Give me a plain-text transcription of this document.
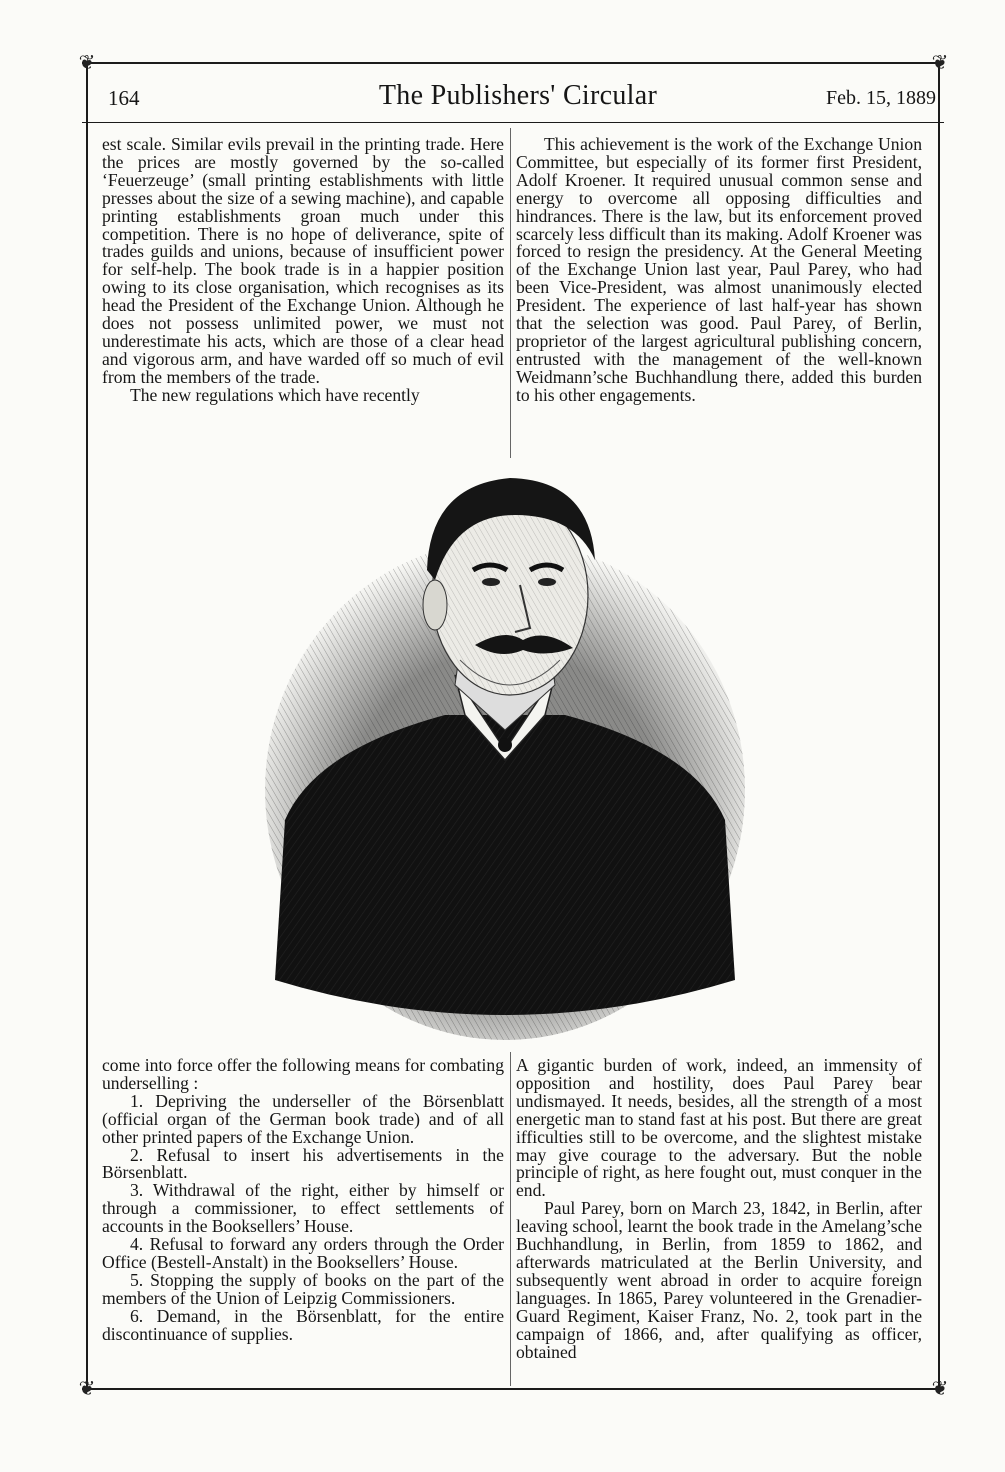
❦	❦
❦	❦
164	The Publishers' Circular	Feb. 15, 1889

est scale. Similar evils prevail in the printing trade. Here the prices are mostly governed by the so-called ‘Feuerzeuge’ (small printing establishments with little presses about the size of a sewing machine), and capable printing establishments groan much under this competition. There is no hope of deliverance, spite of trades guilds and unions, because of insufficient power for self-help. The book trade is in a happier position owing to its close organisation, which recognises as its head the President of the Exchange Union. Although he does not possess unlimited power, we must not underestimate his acts, which are those of a clear head and vigorous arm, and have warded off so much of evil from the members of the trade.

The new regulations which have recently

This achievement is the work of the Exchange Union Committee, but especially of its former first President, Adolf Kroener. It required unusual common sense and energy to overcome all opposing difficulties and hindrances. There is the law, but its enforcement proved scarcely less difficult than its making. Adolf Kroener was forced to resign the presidency. At the General Meeting of the Exchange Union last year, Paul Parey, who had been Vice-President, was almost unanimously elected President. The experience of last half-year has shown that the selection was good. Paul Parey, of Berlin, proprietor of the largest agricultural publishing concern, entrusted with the management of the well-known Weidmann’sche Buchhandlung there, added this burden to his other engagements.

come into force offer the following means for combating underselling :

1. Depriving the underseller of the Börsenblatt (official organ of the German book trade) and of all other printed papers of the Exchange Union.

2. Refusal to insert his advertisements in the Börsenblatt.

3. Withdrawal of the right, either by himself or through a commissioner, to effect settlements of accounts in the Booksellers’ House.

4. Refusal to forward any orders through the Order Office (Bestell-Anstalt) in the Booksellers’ House.

5. Stopping the supply of books on the part of the members of the Union of Leipzig Commissioners.

6. Demand, in the Börsenblatt, for the entire discontinuance of supplies.

A gigantic burden of work, indeed, an immensity of opposition and hostility, does Paul Parey bear undismayed. It needs, besides, all the strength of a most energetic man to stand fast at his post. But there are great ifficulties still to be overcome, and the slightest mistake may give courage to the adversary. But the noble principle of right, as here fought out, must conquer in the end.

Paul Parey, born on March 23, 1842, in Berlin, after leaving school, learnt the book trade in the Amelang’sche Buchhandlung, in Berlin, from 1859 to 1862, and afterwards matriculated at the Berlin University, and subsequently went abroad in order to acquire foreign languages. In 1865, Parey volunteered in the Grenadier-Guard Regiment, Kaiser Franz, No. 2, took part in the campaign of 1866, and, after qualifying as officer, obtained
